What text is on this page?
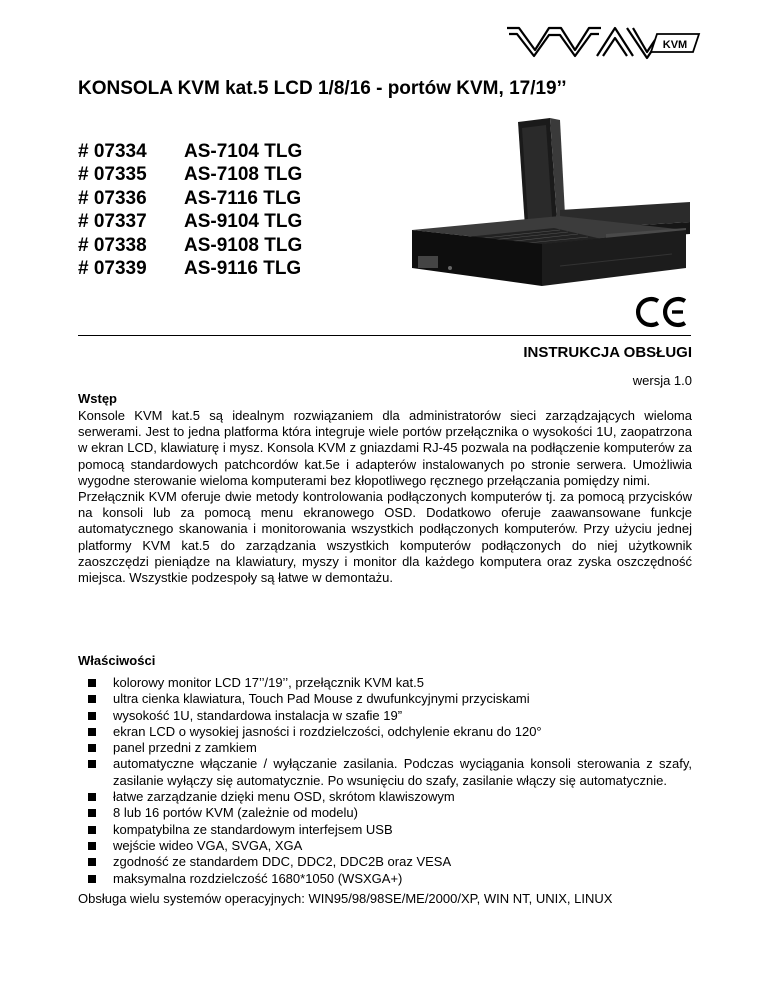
KVM
KONSOLA KVM kat.5 LCD 1/8/16 - portów KVM, 17/19’’
# 07334	AS-7104 TLG
# 07335	AS-7108 TLG
# 07336	AS-7116 TLG
# 07337	AS-9104 TLG
# 07338	AS-9108 TLG
# 07339	AS-9116 TLG
INSTRUKCJA OBSŁUGI
wersja 1.0
Wstęp

Konsole KVM kat.5 są idealnym rozwiązaniem dla administratorów sieci zarządzających wieloma serwerami. Jest to jedna platforma która integruje wiele portów przełącznika o wysokości 1U, zaopatrzona w ekran LCD, klawiaturę i mysz. Konsola KVM z gniazdami RJ-45 pozwala na podłączenie komputerów za pomocą standardowych patchcordów kat.5e i adapterów instalowanych po stronie serwera. Umożliwia wygodne sterowanie wieloma komputerami bez kłopotliwego ręcznego przełączania pomiędzy nimi.

Przełącznik KVM oferuje dwie metody kontrolowania podłączonych komputerów tj. za pomocą przycisków na konsoli lub za pomocą menu ekranowego OSD. Dodatkowo oferuje zaawansowane funkcje automatycznego skanowania i monitorowania wszystkich podłączonych komputerów. Przy użyciu jednej platformy KVM kat.5 do zarządzania wszystkich komputerów podłączonych do niej użytkownik zaoszczędzi pieniądze na klawiatury, myszy i monitor dla każdego komputera oraz zyska oszczędność miejsca. Wszystkie podzespoły są łatwe w demontażu.

Właściwości
kolorowy monitor LCD 17’’/19’’, przełącznik KVM kat.5
ultra cienka klawiatura, Touch Pad Mouse z dwufunkcyjnymi przyciskami
wysokość 1U, standardowa instalacja w szafie 19”
ekran LCD o wysokiej jasności i rozdzielczości, odchylenie ekranu do 120°
panel przedni z zamkiem
automatyczne włączanie / wyłączanie zasilania. Podczas wyciągania konsoli sterowania z szafy, zasilanie wyłączy się automatycznie. Po wsunięciu do szafy, zasilanie włączy się automatycznie.
łatwe zarządzanie dzięki menu OSD, skrótom klawiszowym
8 lub 16 portów KVM (zależnie od modelu)
kompatybilna ze standardowym interfejsem USB
wejście wideo VGA, SVGA, XGA
zgodność ze standardem DDC, DDC2, DDC2B oraz VESA
maksymalna rozdzielczość 1680*1050 (WSXGA+)
Obsługa wielu systemów operacyjnych: WIN95/98/98SE/ME/2000/XP, WIN NT, UNIX, LINUX
